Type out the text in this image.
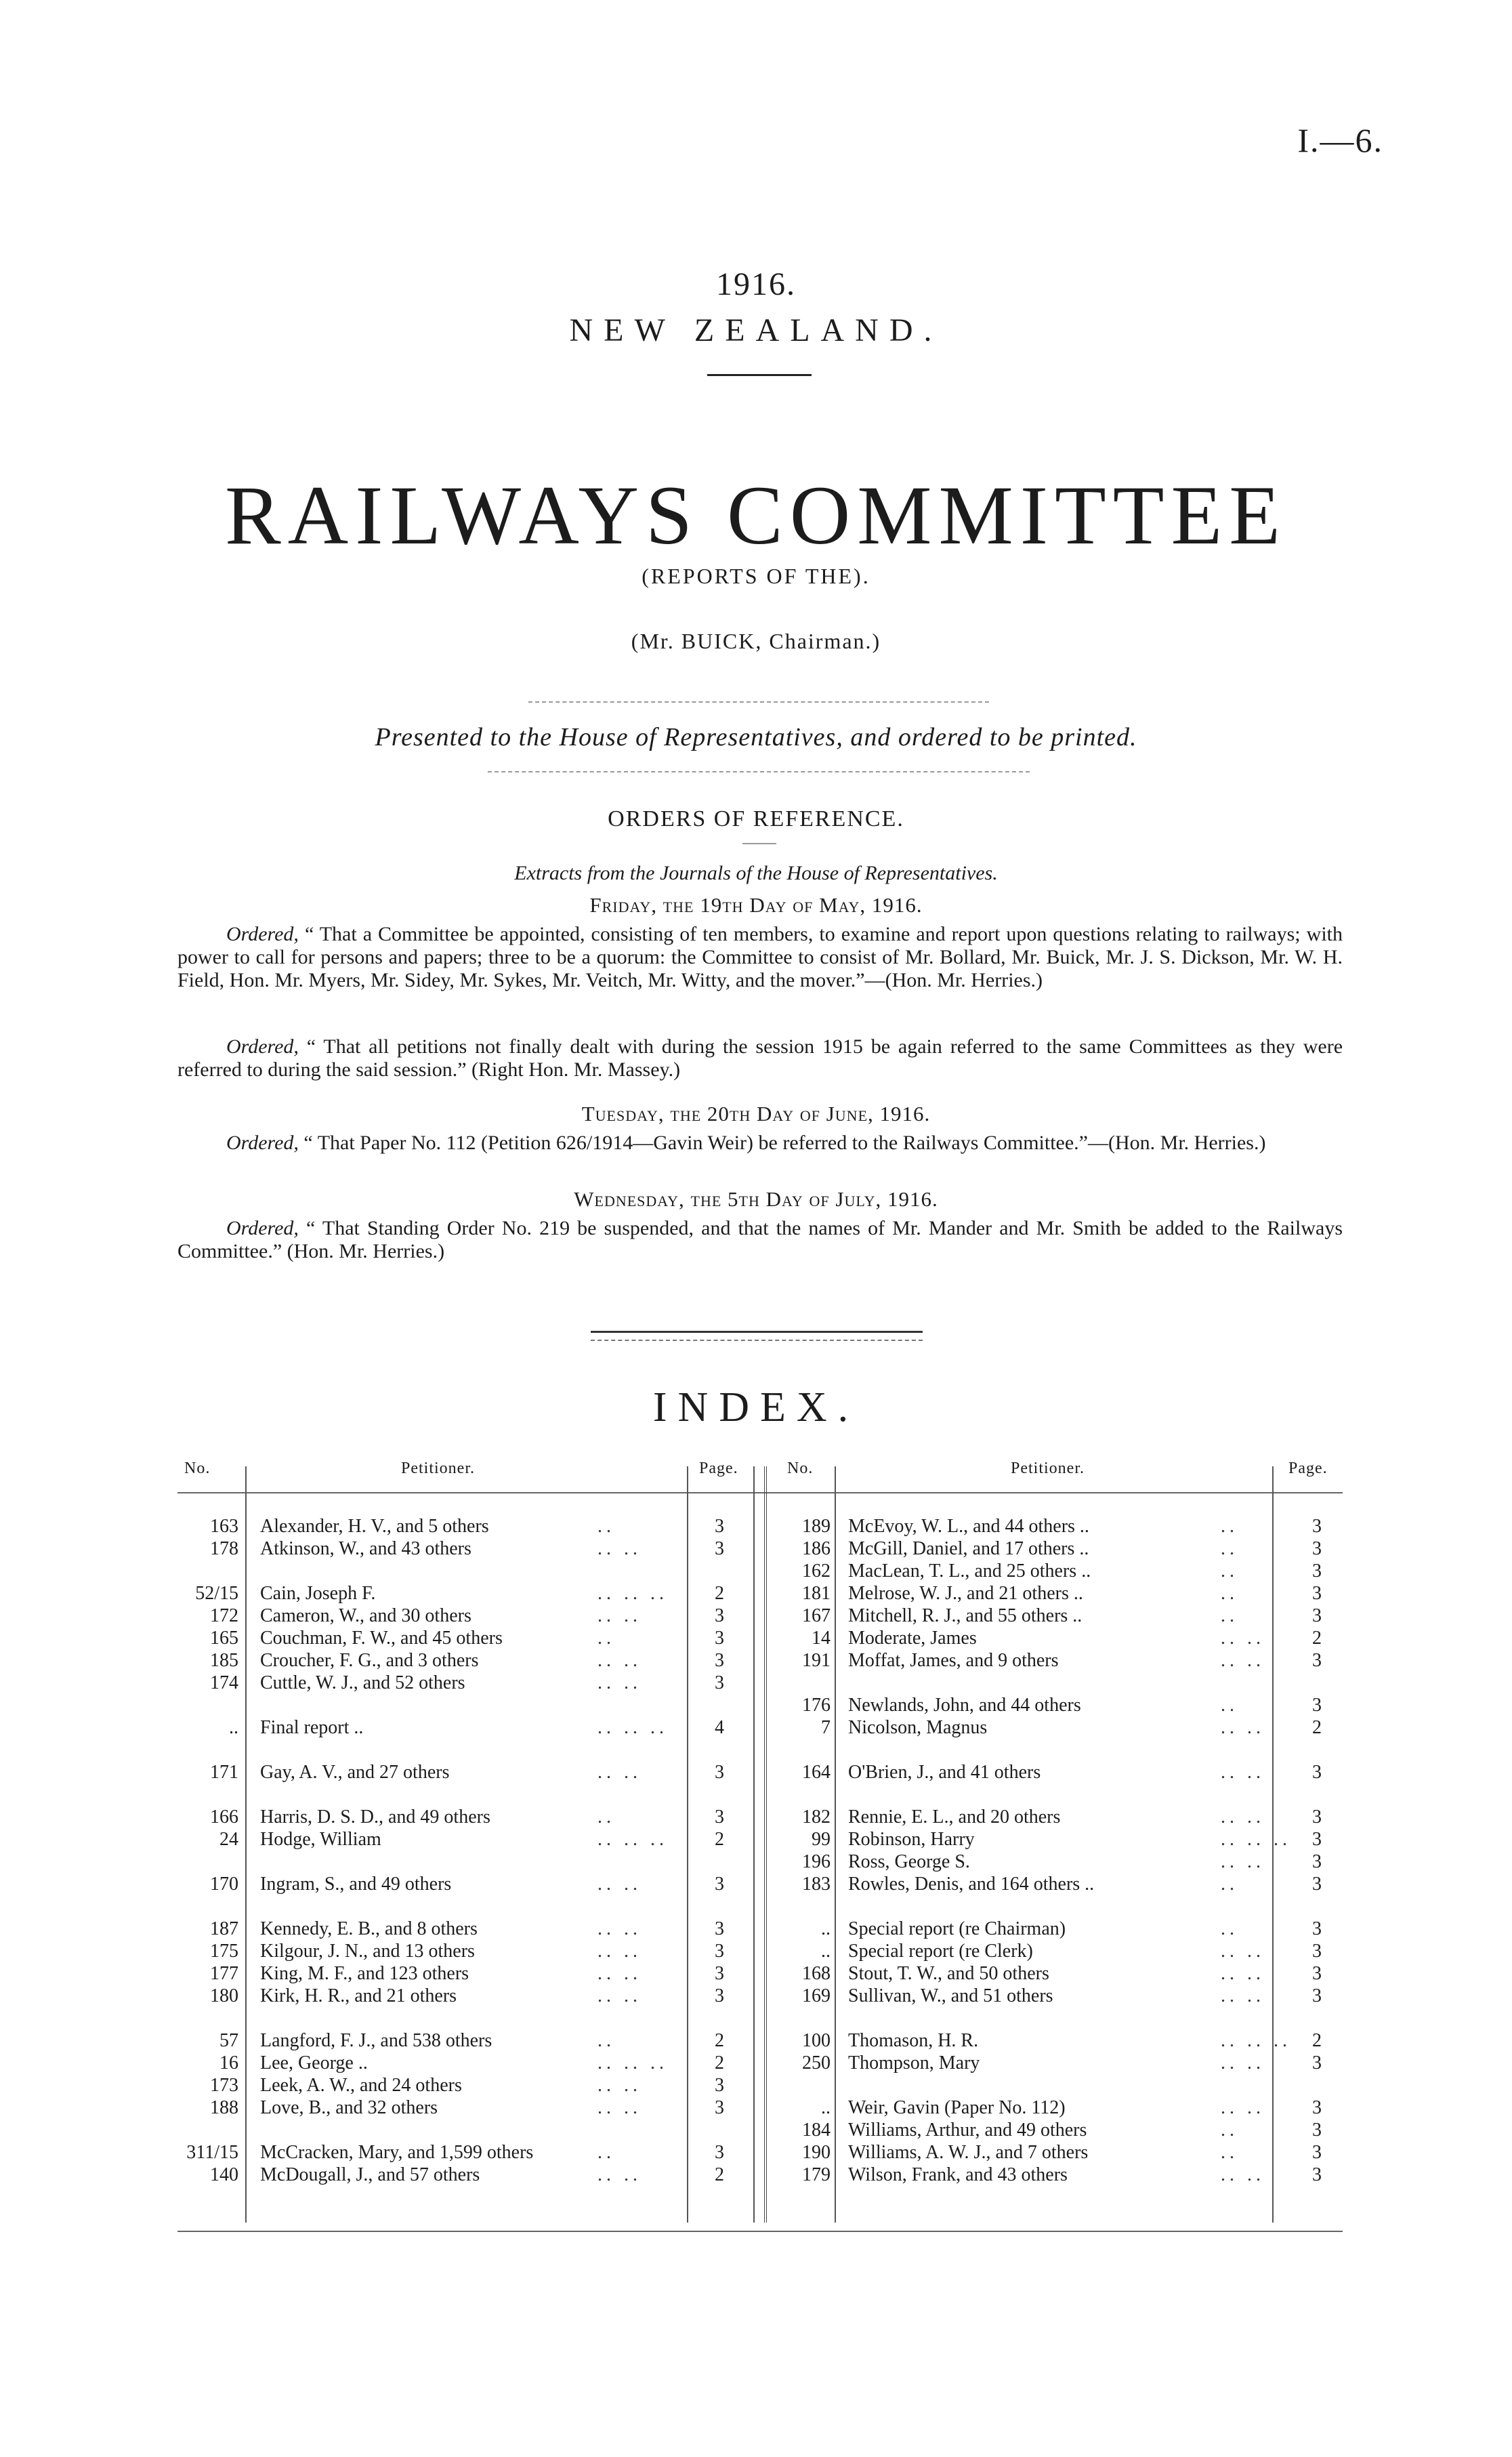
I.—6.
1916.
NEW ZEALAND.
RAILWAYS COMMITTEE
(REPORTS OF THE).
(Mr. BUICK, Chairman.)
Presented to the House of Representatives, and ordered to be printed.
ORDERS OF REFERENCE.
Extracts from the Journals of the House of Representatives.
Friday, the 19th Day of May, 1916.
Ordered, “ That a Committee be appointed, consisting of ten members, to examine and report upon questions relating to railways; with power to call for persons and papers; three to be a quorum: the Committee to consist of Mr. Bollard, Mr. Buick, Mr. J. S. Dickson, Mr. W. H. Field, Hon. Mr. Myers, Mr. Sidey, Mr. Sykes, Mr. Veitch, Mr. Witty, and the mover.”—(Hon. Mr. Herries.)
Ordered, “ That all petitions not finally dealt with during the session 1915 be again referred to the same Committees as they were referred to during the said session.” (Right Hon. Mr. Massey.)
Tuesday, the 20th Day of June, 1916.
Ordered, “ That Paper No. 112 (Petition 626/1914—Gavin Weir) be referred to the Railways Committee.”—(Hon. Mr. Herries.)
Wednesday, the 5th Day of July, 1916.
Ordered, “ That Standing Order No. 219 be suspended, and that the names of Mr. Mander and Mr. Smith be added to the Railways Committee.” (Hon. Mr. Herries.)
INDEX.
No.	Petitioner.	Page.	No.	Petitioner.	Page.
163 Alexander, H. V., and 5 others	..	3
178 Atkinson, W., and 43 others	.. ..	3
52/15 Cain, Joseph F.	.. .. ..	2
172 Cameron, W., and 30 others	.. ..	3
165 Couchman, F. W., and 45 others	..	3
185 Croucher, F. G., and 3 others	.. ..	3
174 Cuttle, W. J., and 52 others	.. ..	3
.. Final report ..	.. .. ..	4
171 Gay, A. V., and 27 others	.. ..	3
166 Harris, D. S. D., and 49 others	..	3
24 Hodge, William	.. .. ..	2
170 Ingram, S., and 49 others	.. ..	3
187 Kennedy, E. B., and 8 others	.. ..	3
175 Kilgour, J. N., and 13 others	.. ..	3
177 King, M. F., and 123 others	.. ..	3
180 Kirk, H. R., and 21 others	.. ..	3
57 Langford, F. J., and 538 others	..	2
16 Lee, George ..	.. .. ..	2
173 Leek, A. W., and 24 others	.. ..	3
188 Love, B., and 32 others	.. ..	3
311/15 McCracken, Mary, and 1,599 others	..	3
140 McDougall, J., and 57 others	.. ..	2
189 McEvoy, W. L., and 44 others ..	..	3
186 McGill, Daniel, and 17 others ..	..	3
162 MacLean, T. L., and 25 others ..	..	3
181 Melrose, W. J., and 21 others ..	..	3
167 Mitchell, R. J., and 55 others ..	..	3
14 Moderate, James	.. ..	2
191 Moffat, James, and 9 others	.. ..	3
176 Newlands, John, and 44 others	..	3
7 Nicolson, Magnus	.. ..	2
164 O'Brien, J., and 41 others	.. ..	3
182 Rennie, E. L., and 20 others	.. ..	3
99 Robinson, Harry	.. .. ..	3
196 Ross, George S.	.. ..	3
183 Rowles, Denis, and 164 others ..	..	3
.. Special report (re Chairman)	..	3
.. Special report (re Clerk)	.. ..	3
168 Stout, T. W., and 50 others	.. ..	3
169 Sullivan, W., and 51 others	.. ..	3
100 Thomason, H. R.	.. .. ..	2
250 Thompson, Mary	.. ..	3
.. Weir, Gavin (Paper No. 112)	.. ..	3
184 Williams, Arthur, and 49 others	..	3
190 Williams, A. W. J., and 7 others	..	3
179 Wilson, Frank, and 43 others	.. ..	3
